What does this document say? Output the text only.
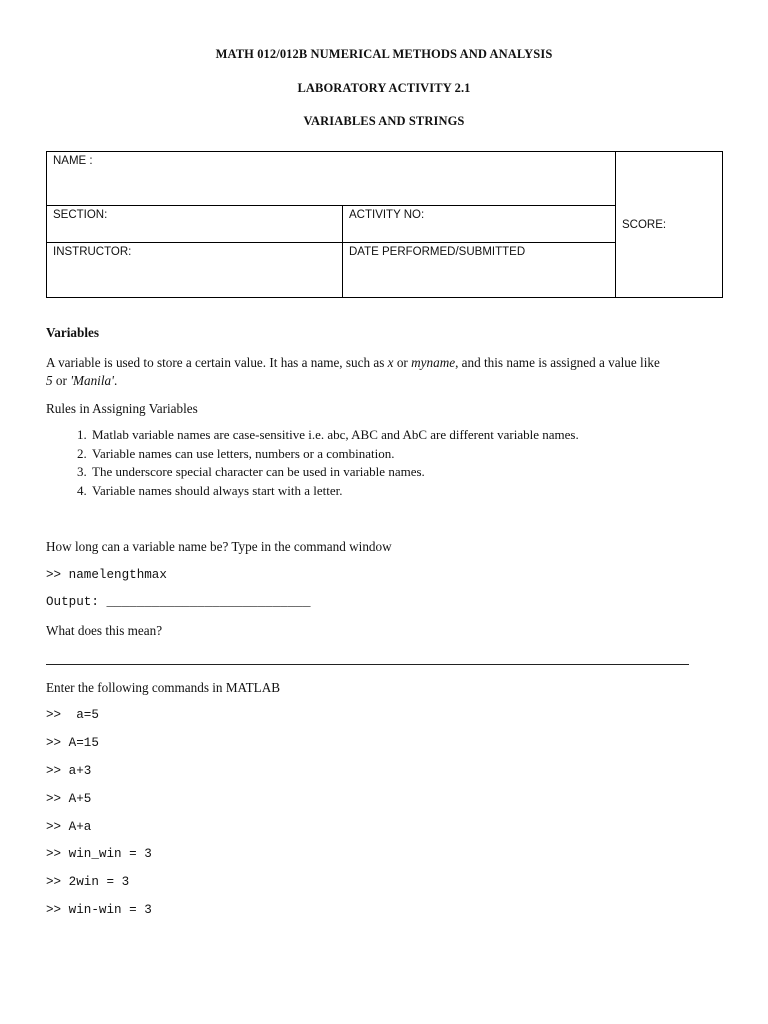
MATH 012/012B NUMERICAL METHODS AND ANALYSIS
LABORATORY ACTIVITY 2.1
VARIABLES AND STRINGS
NAME :		SCORE:
SECTION:	ACTIVITY NO:	
INSTRUCTOR:	DATE PERFORMED/SUBMITTED	
Variables
A variable is used to store a certain value. It has a name, such as x or myname, and this name is assigned a value like
5 or 'Manila'.
Rules in Assigning Variables
1. Matlab variable names are case-sensitive i.e. abc, ABC and AbC are different variable names.
2. Variable names can use letters, numbers or a combination.
3. The underscore special character can be used in variable names.
4. Variable names should always start with a letter.
How long can a variable name be? Type in the command window
>> namelengthmax
Output: ___________________________
What does this mean?
Enter the following commands in MATLAB
>>  a=5
>> A=15
>> a+3
>> A+5
>> A+a
>> win_win = 3
>> 2win = 3
>> win-win = 3
